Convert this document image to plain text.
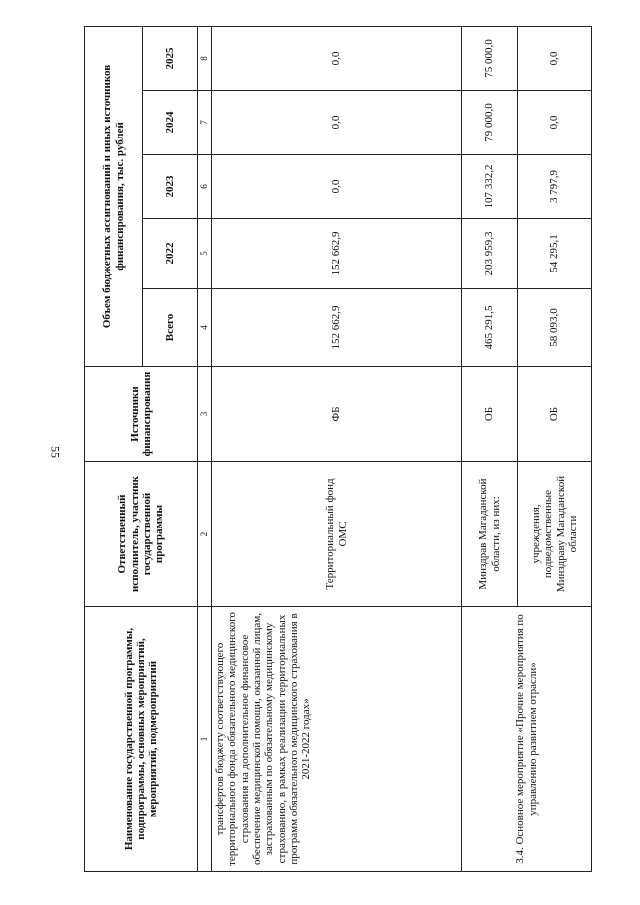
55
Наименование государственной программы, подпрограммы, основных мероприятий, мероприятий, подмероприятий	Ответственный исполнитель, участник государственной программы	Источники финансирования	Объем бюджетных ассигнований и иных источников финансирования, тыс. рублей				
			Всего	2022	2023	2024	2025
1	2	3	4	5	6	7	8
трансфертов бюджету соответствующего территориального фонда обязательного медицинского страхования на дополнительное финансовое обеспечение медицинской помощи, оказанной лицам, застрахованным по обязательному медицинскому страхованию, в рамках реализации территориальных программ обязательного медицинского страхования в 2021-2022 годах»	Территориальный фонд ОМС	ФБ	152 662,9	152 662,9	0,0	0,0	0,0
3.4. Основное мероприятие «Прочие мероприятия по управлению развитием отрасли»	Минздрав Магаданской области, из них:	ОБ	465 291,5	203 959,3	107 332,2	79 000,0	75 000,0
	учреждения, подведомственные Минздраву Магаданской области	ОБ	58 093,0	54 295,1	3 797,9	0,0	0,0
